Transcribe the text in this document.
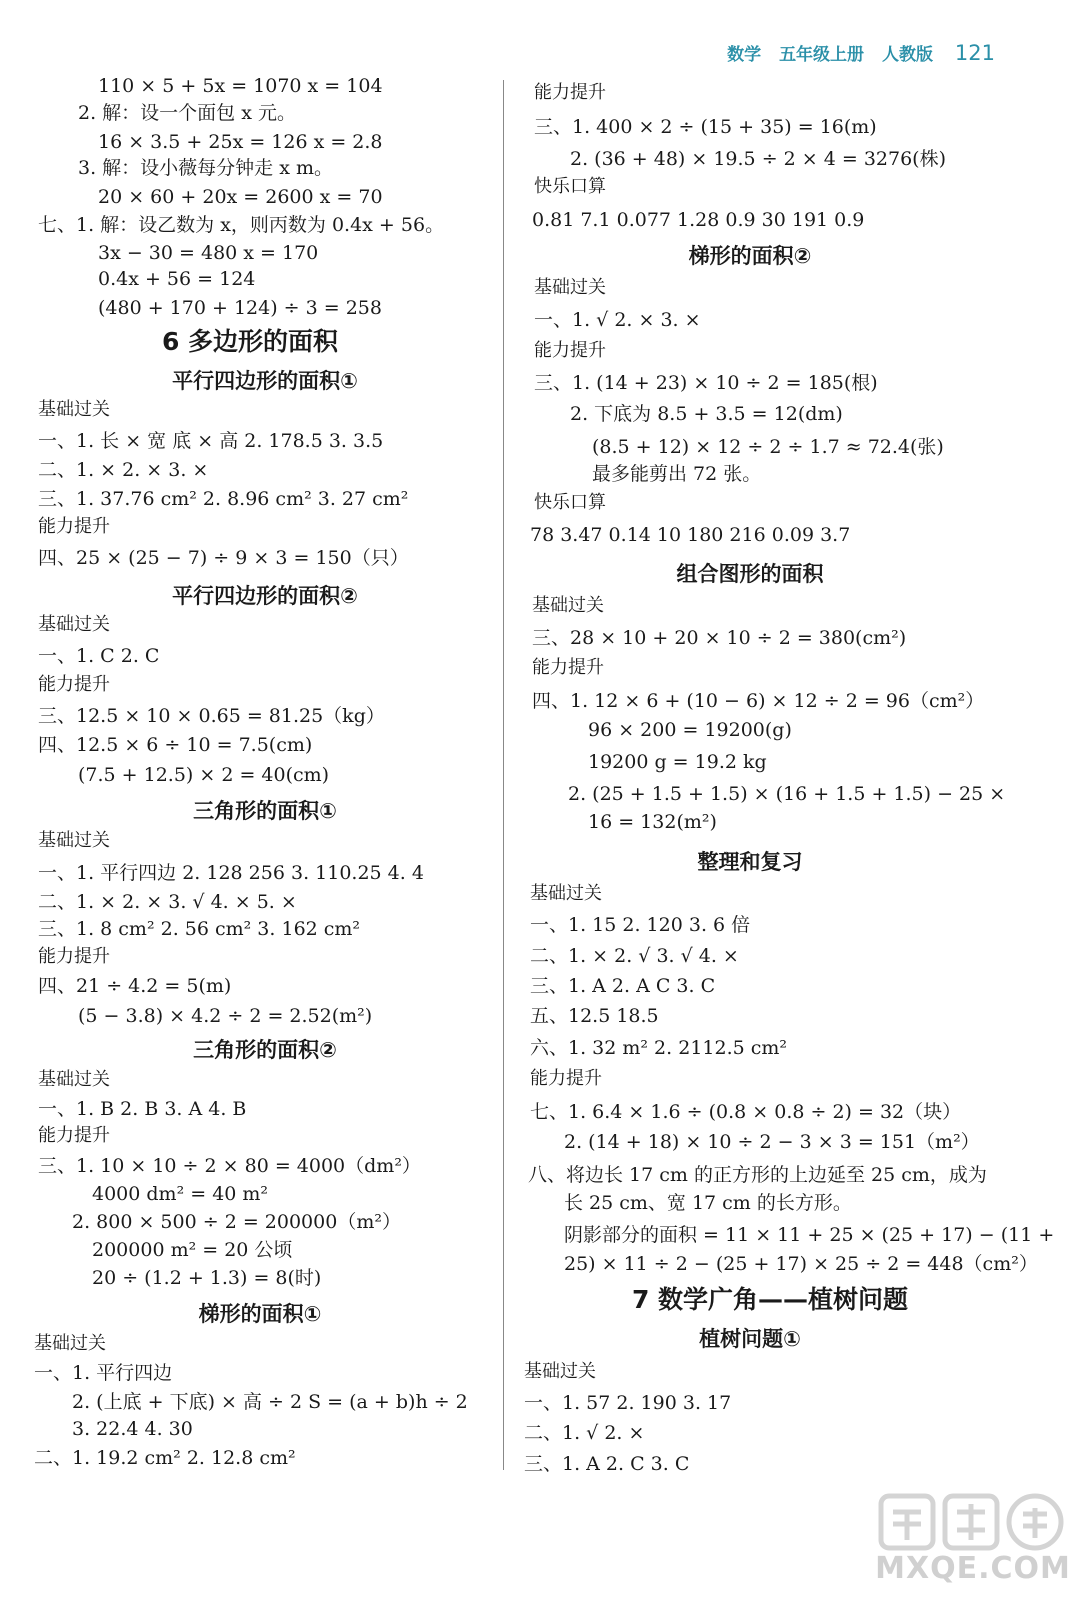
数学 五年级上册 人教版 121
110 × 5 + 5x = 1070 x = 104
2. 解：设一个面包 x 元。
16 × 3.5 + 25x = 126 x = 2.8
3. 解：设小薇每分钟走 x m。
20 × 60 + 20x = 2600 x = 70
七、1. 解：设乙数为 x，则丙数为 0.4x + 56。
3x − 30 = 480 x = 170
0.4x + 56 = 124
(480 + 170 + 124) ÷ 3 = 258
6 多边形的面积
平行四边形的面积①
基础过关
一、1. 长 × 宽 底 × 高 2. 178.5 3. 3.5
二、1. × 2. × 3. ×
三、1. 37.76 cm² 2. 8.96 cm² 3. 27 cm²
能力提升
四、25 × (25 − 7) ÷ 9 × 3 = 150（只）
平行四边形的面积②
基础过关
一、1. C 2. C
能力提升
三、12.5 × 10 × 0.65 = 81.25（kg）
四、12.5 × 6 ÷ 10 = 7.5(cm)
(7.5 + 12.5) × 2 = 40(cm)
三角形的面积①
基础过关
一、1. 平行四边 2. 128 256 3. 110.25 4. 4
二、1. × 2. × 3. √ 4. × 5. ×
三、1. 8 cm² 2. 56 cm² 3. 162 cm²
能力提升
四、21 ÷ 4.2 = 5(m)
(5 − 3.8) × 4.2 ÷ 2 = 2.52(m²)
三角形的面积②
基础过关
一、1. B 2. B 3. A 4. B
能力提升
三、1. 10 × 10 ÷ 2 × 80 = 4000（dm²）
4000 dm² = 40 m²
2. 800 × 500 ÷ 2 = 200000（m²）
200000 m² = 20 公顷
20 ÷ (1.2 + 1.3) = 8(时)
梯形的面积①
基础过关
一、1. 平行四边
2. (上底 + 下底) × 高 ÷ 2 S = (a + b)h ÷ 2
3. 22.4 4. 30
二、1. 19.2 cm² 2. 12.8 cm²
能力提升
三、1. 400 × 2 ÷ (15 + 35) = 16(m)
2. (36 + 48) × 19.5 ÷ 2 × 4 = 3276(株)
快乐口算
0.81 7.1 0.077 1.28 0.9 30 191 0.9
梯形的面积②
基础过关
一、1. √ 2. × 3. ×
能力提升
三、1. (14 + 23) × 10 ÷ 2 = 185(根)
2. 下底为 8.5 + 3.5 = 12(dm)
(8.5 + 12) × 12 ÷ 2 ÷ 1.7 ≈ 72.4(张)
最多能剪出 72 张。
快乐口算
78 3.47 0.14 10 180 216 0.09 3.7
组合图形的面积
基础过关
三、28 × 10 + 20 × 10 ÷ 2 = 380(cm²)
能力提升
四、1. 12 × 6 + (10 − 6) × 12 ÷ 2 = 96（cm²）
96 × 200 = 19200(g)
19200 g = 19.2 kg
2. (25 + 1.5 + 1.5) × (16 + 1.5 + 1.5) − 25 ×
16 = 132(m²)
整理和复习
基础过关
一、1. 15 2. 120 3. 6 倍
二、1. × 2. √ 3. √ 4. ×
三、1. A 2. A C 3. C
五、12.5 18.5
六、1. 32 m² 2. 2112.5 cm²
能力提升
七、1. 6.4 × 1.6 ÷ (0.8 × 0.8 ÷ 2) = 32（块）
2. (14 + 18) × 10 ÷ 2 − 3 × 3 = 151（m²）
八、将边长 17 cm 的正方形的上边延至 25 cm，成为
长 25 cm、宽 17 cm 的长方形。
阴影部分的面积 = 11 × 11 + 25 × (25 + 17) − (11 +
25) × 11 ÷ 2 − (25 + 17) × 25 ÷ 2 = 448（cm²）
7 数学广角——植树问题
植树问题①
基础过关
一、1. 57 2. 190 3. 17
二、1. √ 2. ×
三、1. A 2. C 3. C
MXQE.COM
